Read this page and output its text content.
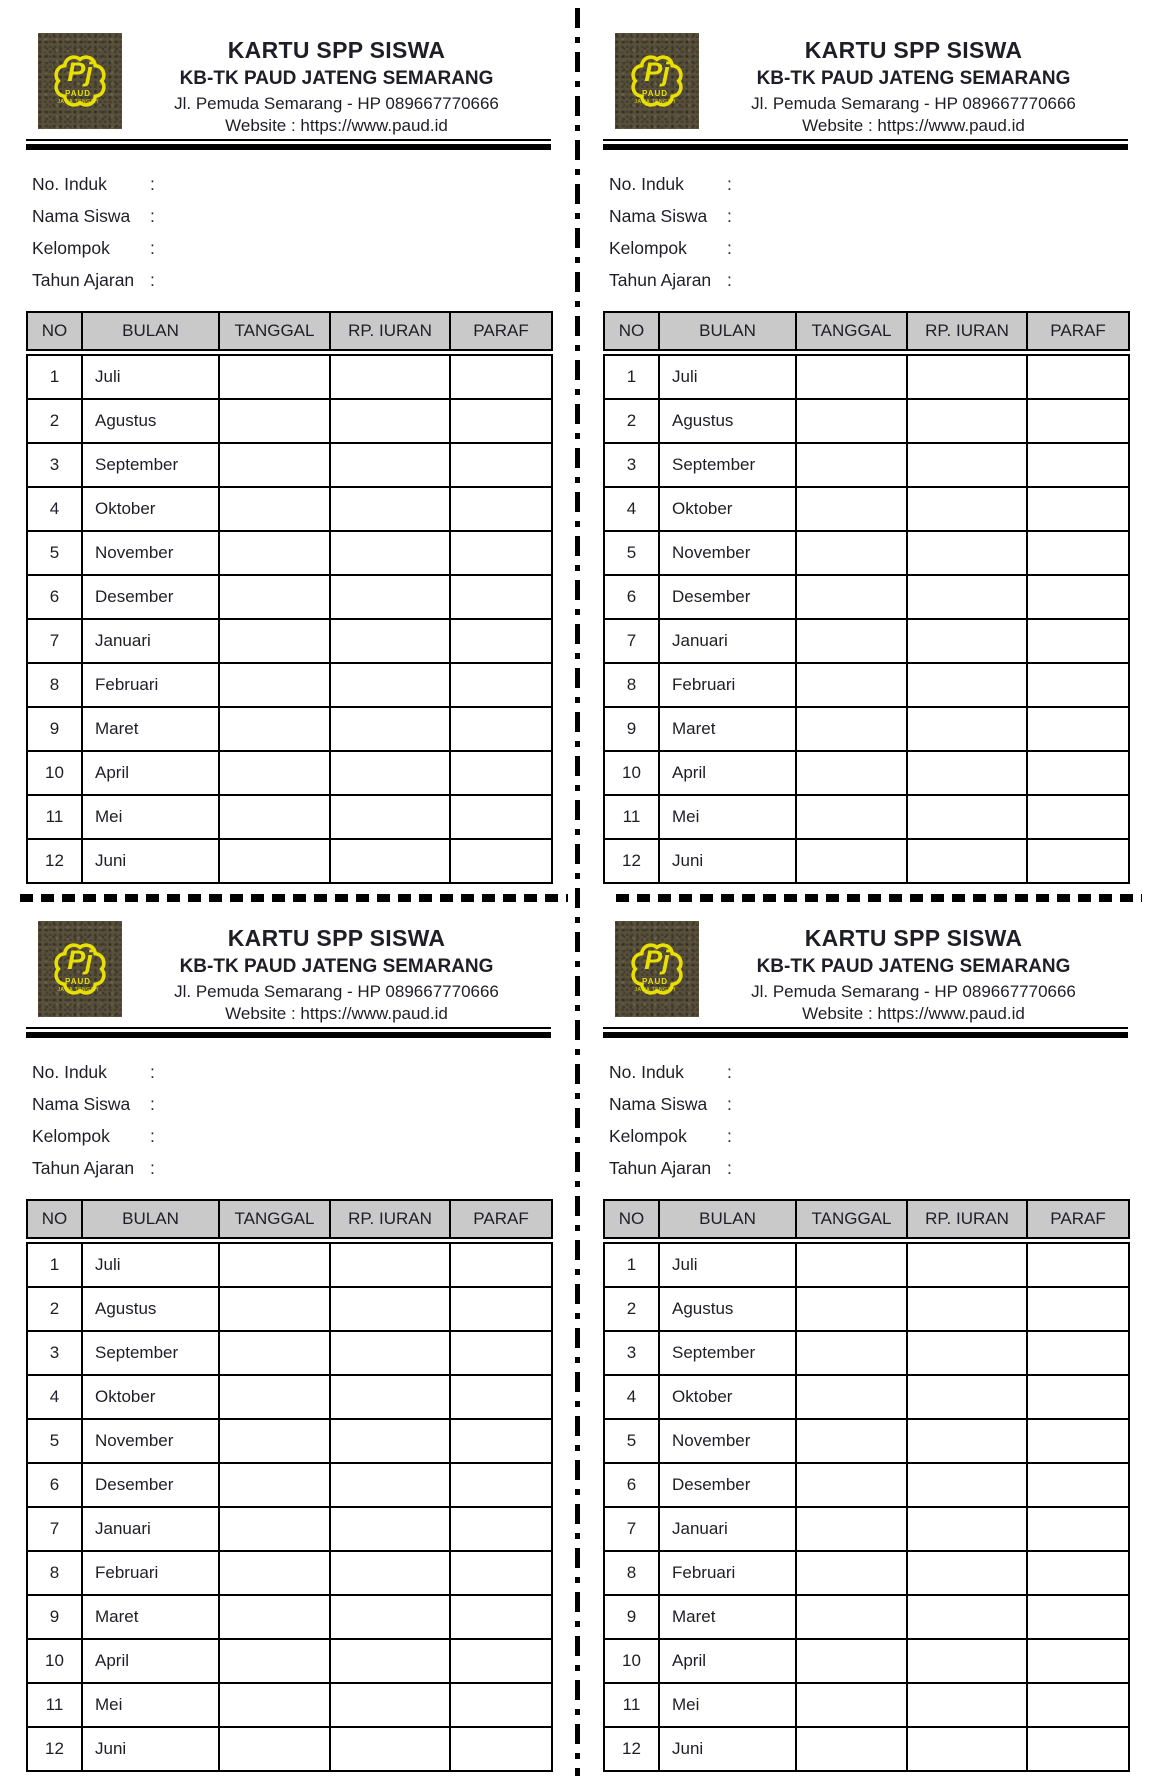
Pj
PAUD
JAWA TENGAH
KARTU SPP SISWA
KB-TK PAUD JATENG SEMARANG
Jl. Pemuda Semarang - HP 089667770666
Website : https://www.paud.id
No. Induk	:
Nama Siswa	:
Kelompok	:
Tahun Ajaran :
NO	BULAN	TANGGAL	RP. IURAN	PARAF
1	Juli			
2	Agustus			
3	September			
4	Oktober			
5	November			
6	Desember			
7	Januari			
8	Februari			
9	Maret			
10	April			
11	Mei			
12	Juni			
Pj
PAUD
JAWA TENGAH
KARTU SPP SISWA
KB-TK PAUD JATENG SEMARANG
Jl. Pemuda Semarang - HP 089667770666
Website : https://www.paud.id
No. Induk	:
Nama Siswa	:
Kelompok	:
Tahun Ajaran :
NO	BULAN	TANGGAL	RP. IURAN	PARAF
1	Juli			
2	Agustus			
3	September			
4	Oktober			
5	November			
6	Desember			
7	Januari			
8	Februari			
9	Maret			
10	April			
11	Mei			
12	Juni			
Pj
PAUD
JAWA TENGAH
KARTU SPP SISWA
KB-TK PAUD JATENG SEMARANG
Jl. Pemuda Semarang - HP 089667770666
Website : https://www.paud.id
No. Induk	:
Nama Siswa	:
Kelompok	:
Tahun Ajaran :
NO	BULAN	TANGGAL	RP. IURAN	PARAF
1	Juli			
2	Agustus			
3	September			
4	Oktober			
5	November			
6	Desember			
7	Januari			
8	Februari			
9	Maret			
10	April			
11	Mei			
12	Juni			
Pj
PAUD
JAWA TENGAH
KARTU SPP SISWA
KB-TK PAUD JATENG SEMARANG
Jl. Pemuda Semarang - HP 089667770666
Website : https://www.paud.id
No. Induk	:
Nama Siswa	:
Kelompok	:
Tahun Ajaran :
NO	BULAN	TANGGAL	RP. IURAN	PARAF
1	Juli			
2	Agustus			
3	September			
4	Oktober			
5	November			
6	Desember			
7	Januari			
8	Februari			
9	Maret			
10	April			
11	Mei			
12	Juni			
